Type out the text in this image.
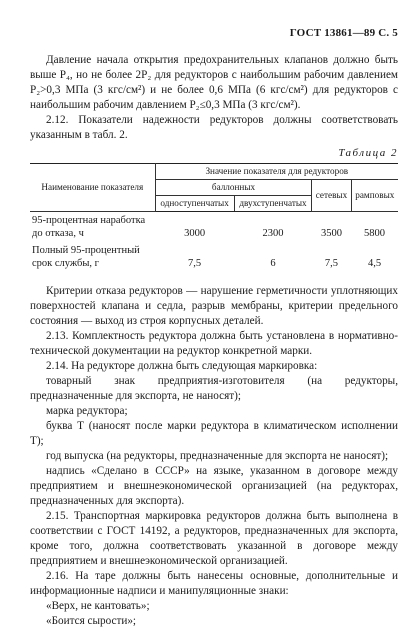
ГОСТ 13861—89 С. 5

Давление начала открытия предохранительных клапанов должно быть выше P₄, но не более 2P₂ для редукторов с наибольшим рабочим давлением P₂>0,3 МПа (3 кгс/см²) и не более 0,6 МПа (6 кгс/см²) для редукторов с наибольшим рабочим давлением P₂≤0,3 МПа (3 кгс/см²).

2.12. Показатели надежности редукторов должны соответствовать указанным в табл. 2.

Таблица 2
Наименование показателя	Значение показателя для редукторов			
	баллонных		сетевых	рамповых
	одноступенчатых	двухступенчатых		
95-процентная наработка до отказа, ч	3000	2300	3500	5800
Полный 95-процентный срок службы, г	7,5	6	7,5	4,5

Критерии отказа редукторов — нарушение герметичности уплотняющих поверхностей клапана и седла, разрыв мембраны, критерии предельного состояния — выход из строя корпусных деталей.

2.13. Комплектность редуктора должна быть установлена в нормативно-технической документации на редуктор конкретной марки.

2.14. На редукторе должна быть следующая маркировка:

товарный знак предприятия-изготовителя (на редукторы, предназначенные для экспорта, не наносят);

марка редуктора;

буква Т (наносят после марки редуктора в климатическом исполнении Т);

год выпуска (на редукторы, предназначенные для экспорта не наносят);

надпись «Сделано в СССР» на языке, указанном в договоре между предприятием и внешнеэкономической организацией (на редукторах, предназначенных для экспорта).

2.15. Транспортная маркировка редукторов должна быть выполнена в соответствии с ГОСТ 14192, а редукторов, предназначенных для экспорта, кроме того, должна соответствовать указанной в договоре между предприятием и внешнеэкономической организацией.

2.16. На таре должны быть нанесены основные, дополнительные и информационные надписи и манипуляционные знаки:

«Верх, не кантовать»;

«Боится сырости»;
